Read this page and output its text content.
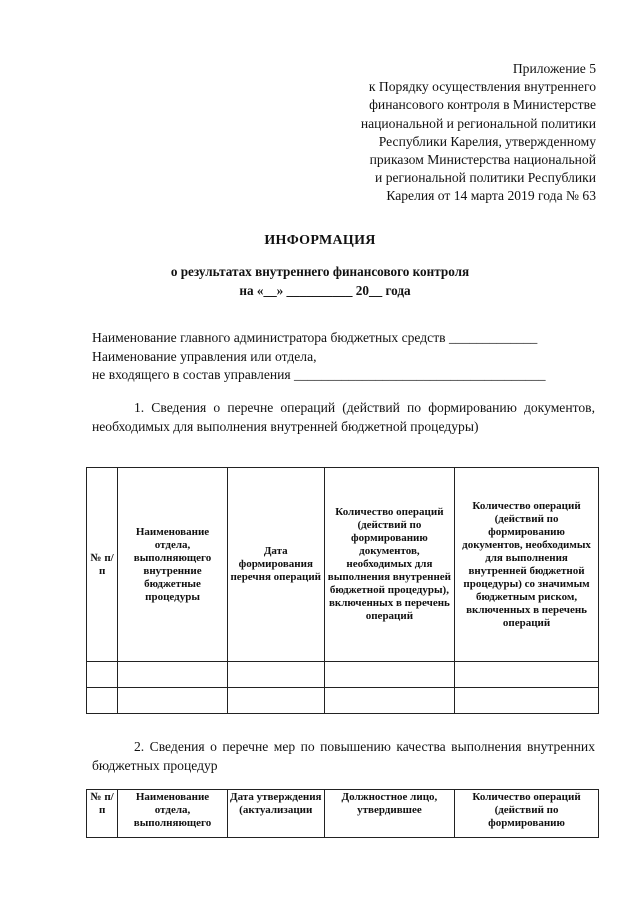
Приложение 5
к Порядку осуществления внутреннего
финансового контроля в Министерстве
национальной и региональной политики
Республики Карелия, утвержденному
приказом Министерства национальной
и региональной политики Республики
Карелия от 14 марта 2019 года № 63
ИНФОРМАЦИЯ
о результатах внутреннего финансового контроля
на «__» __________ 20__ года
Наименование главного администратора бюджетных средств _____________
Наименование управления или отдела,
не входящего в состав управления _____________________________________
1. Сведения о перечне операций (действий по формированию документов, необходимых для выполнения внутренней бюджетной процедуры)
№ п/п	Наименование отдела, выполняющего внутренние бюджетные процедуры	Дата формирования перечня операций	Количество операций (действий по формированию документов, необходимых для выполнения внутренней бюджетной процедуры), включенных в перечень операций	Количество операций (действий по формированию документов, необходимых для выполнения внутренней бюджетной процедуры) со значимым бюджетным риском, включенных в перечень операций

2. Сведения о перечне мер по повышению качества выполнения внутренних бюджетных процедур
№ п/п	Наименование отдела, выполняющего	Дата утверждения (актуализации	Должностное лицо, утвердившее	Количество операций (действий по формированию
